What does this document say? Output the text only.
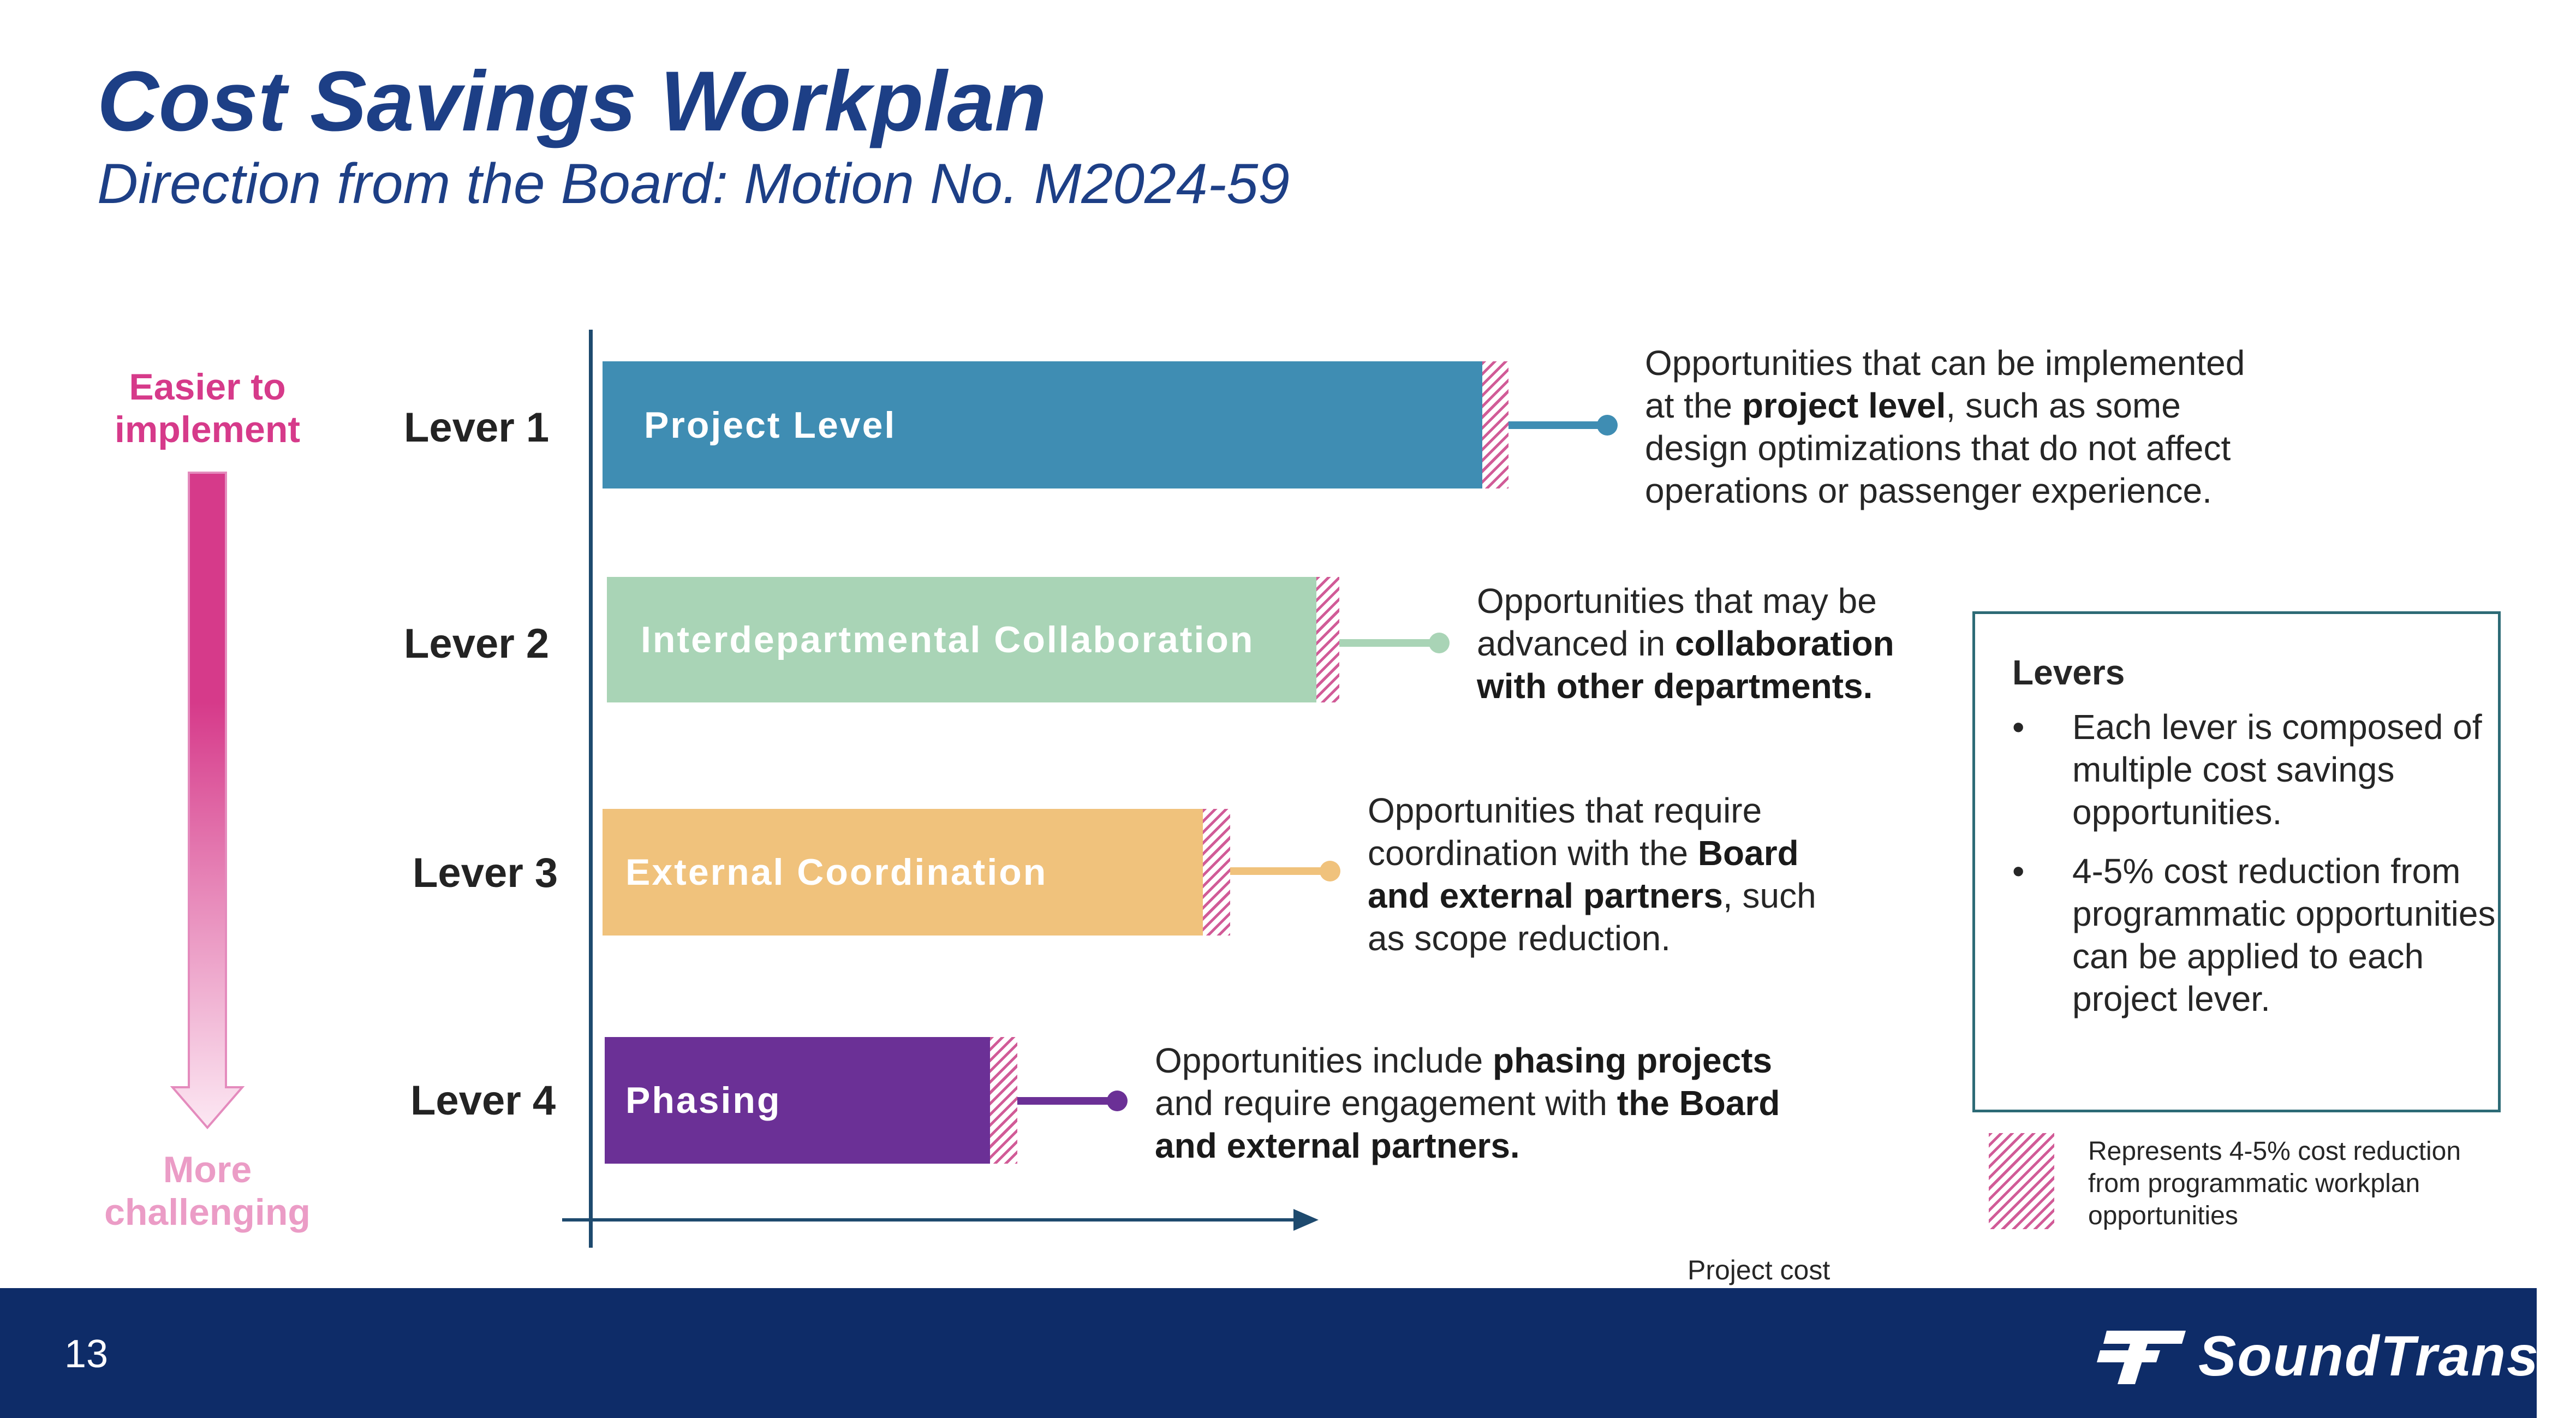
Cost Savings Workplan
Direction from the Board: Motion No. M2024-59
Easier to implement
More challenging
Project cost
Lever 1	Project Level
Opportunities that can be implemented at the project level, such as some design optimizations that do not affect operations or passenger experience.
Lever 2 Interdepartmental Collaboration
Opportunities that may be advanced in collaboration with other departments.
Lever 3 External Coordination
Opportunities that require coordination with the Board and external partners, such as scope reduction.
Lever 4 Phasing
Opportunities include phasing projects and require engagement with the Board and external partners.
Levers
• Each lever is composed of multiple cost savings opportunities.
• 4-5% cost reduction from programmatic opportunities can be applied to each project lever.
Represents 4-5% cost reduction from programmatic workplan opportunities
13	SoundTransit
